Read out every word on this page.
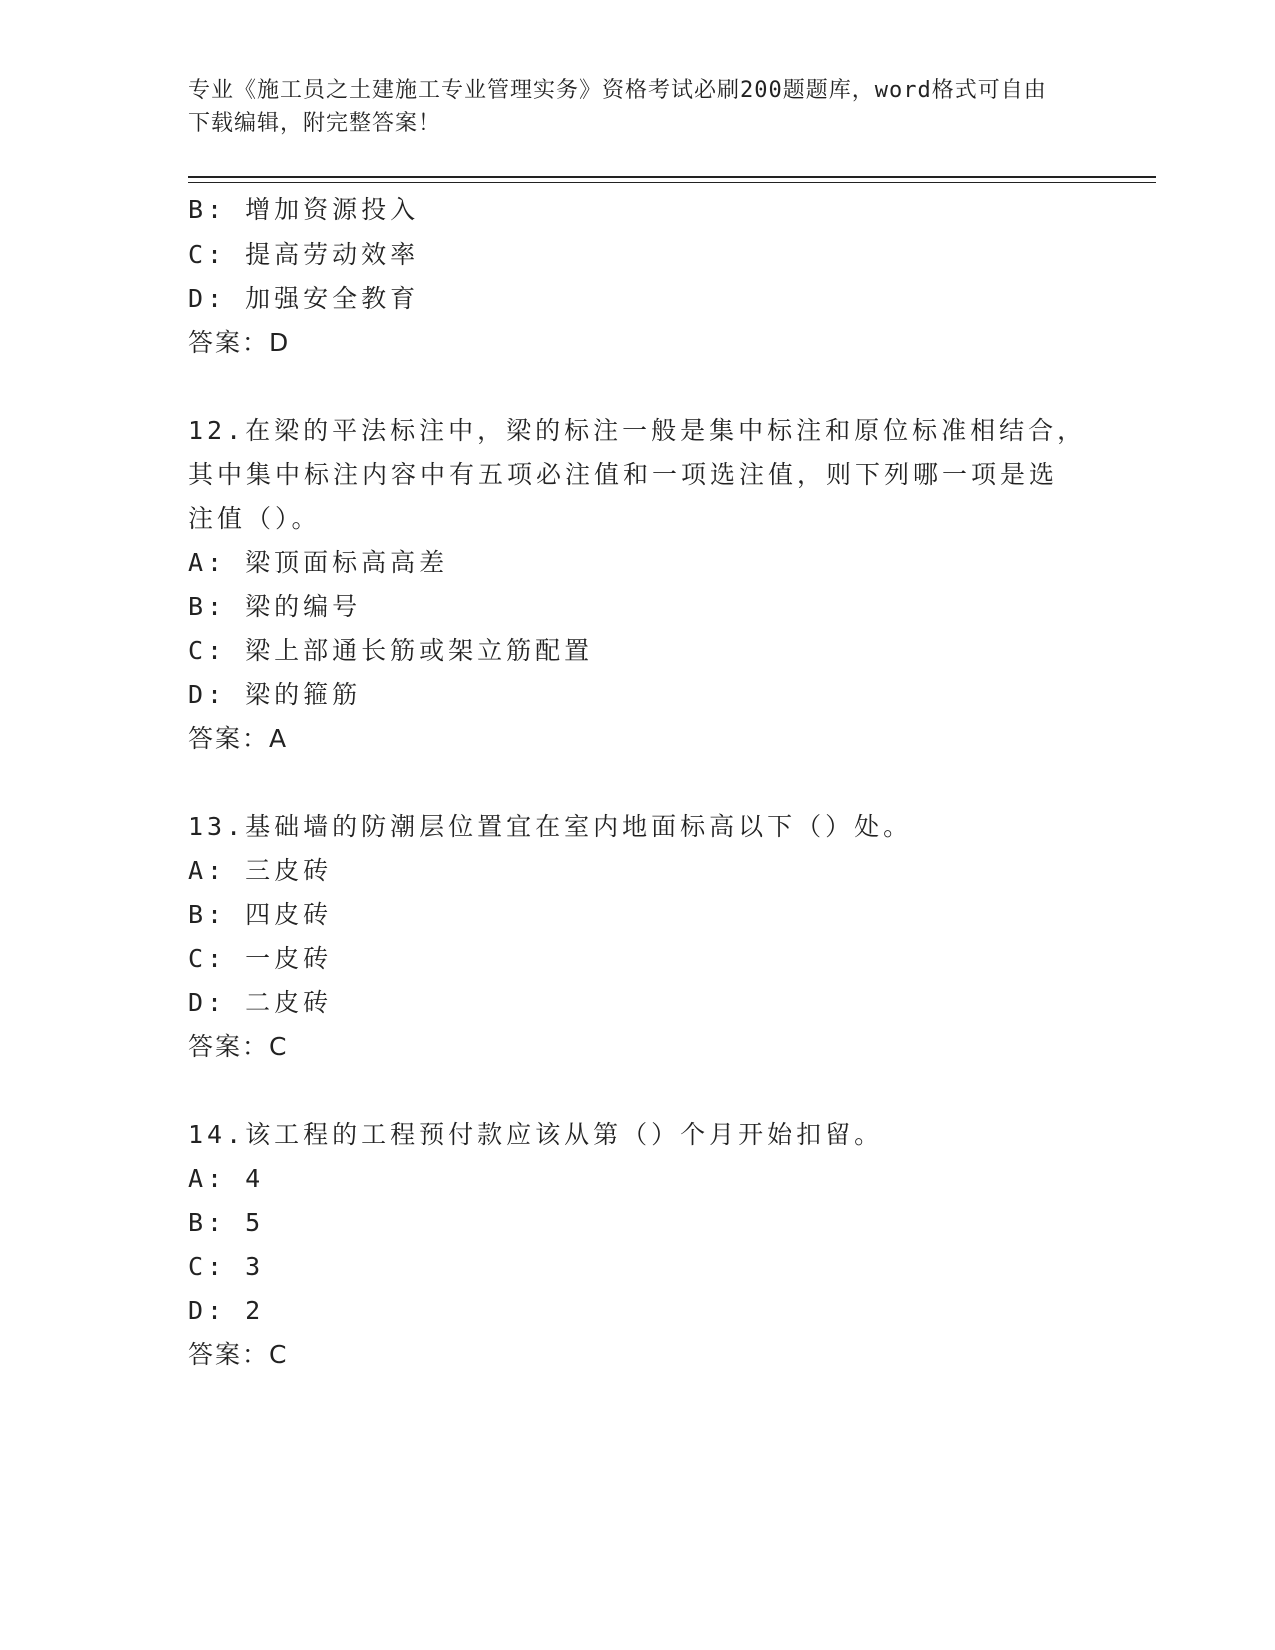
专业《施工员之土建施工专业管理实务》资格考试必刷200题题库，word格式可自由下载编辑，附完整答案！
B: 增加资源投入
C: 提高劳动效率
D: 加强安全教育
答案：D
12.在梁的平法标注中，梁的标注一般是集中标注和原位标准相结合，
其中集中标注内容中有五项必注值和一项选注值，则下列哪一项是选
注值（）。
A: 梁顶面标高高差
B: 梁的编号
C: 梁上部通长筋或架立筋配置
D: 梁的箍筋
答案：A
13.基础墙的防潮层位置宜在室内地面标高以下（）处。
A: 三皮砖
B: 四皮砖
C: 一皮砖
D: 二皮砖
答案：C
14.该工程的工程预付款应该从第（）个月开始扣留。
A: 4
B: 5
C: 3
D: 2
答案：C
